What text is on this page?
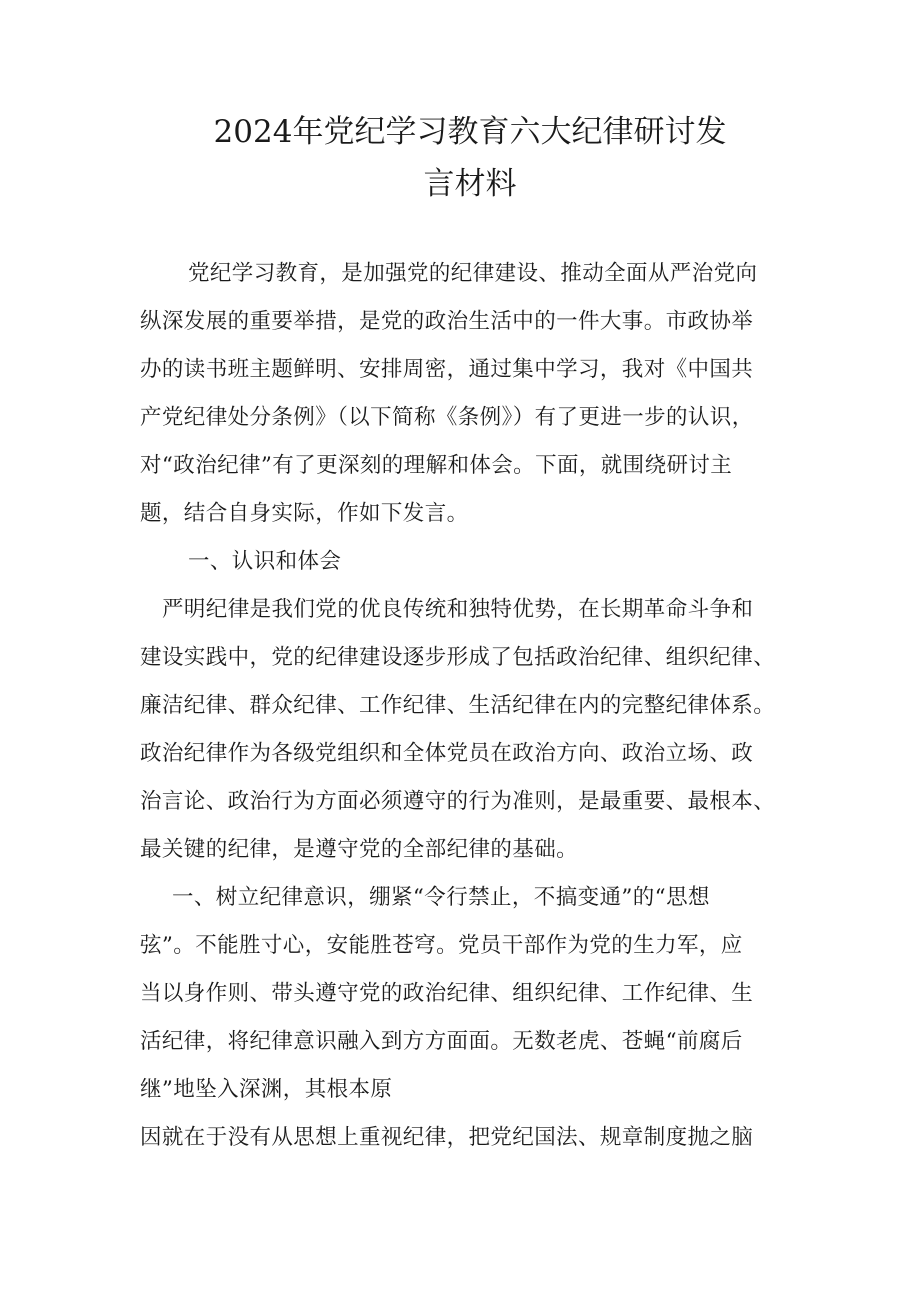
2024年党纪学习教育六大纪律研讨发
言材料
党纪学习教育，是加强党的纪律建设、推动全面从严治党向
纵深发展的重要举措，是党的政治生活中的一件大事。市政协举
办的读书班主题鲜明、安排周密，通过集中学习，我对《中国共
产党纪律处分条例》（以下简称《条例》）有了更进一步的认识，
对“政治纪律”有了更深刻的理解和体会。下面，就围绕研讨主
题，结合自身实际，作如下发言。
一、认识和体会
严明纪律是我们党的优良传统和独特优势，在长期革命斗争和
建设实践中，党的纪律建设逐步形成了包括政治纪律、组织纪律、
廉洁纪律、群众纪律、工作纪律、生活纪律在内的完整纪律体系。
政治纪律作为各级党组织和全体党员在政治方向、政治立场、政
治言论、政治行为方面必须遵守的行为准则，是最重要、最根本、
最关键的纪律，是遵守党的全部纪律的基础。
一、树立纪律意识，绷紧“令行禁止，不搞变通”的“思想
弦”。不能胜寸心，安能胜苍穹。党员干部作为党的生力军，应
当以身作则、带头遵守党的政治纪律、组织纪律、工作纪律、生
活纪律，将纪律意识融入到方方面面。无数老虎、苍蝇“前腐后
继”地坠入深渊，其根本原
因就在于没有从思想上重视纪律，把党纪国法、规章制度抛之脑
